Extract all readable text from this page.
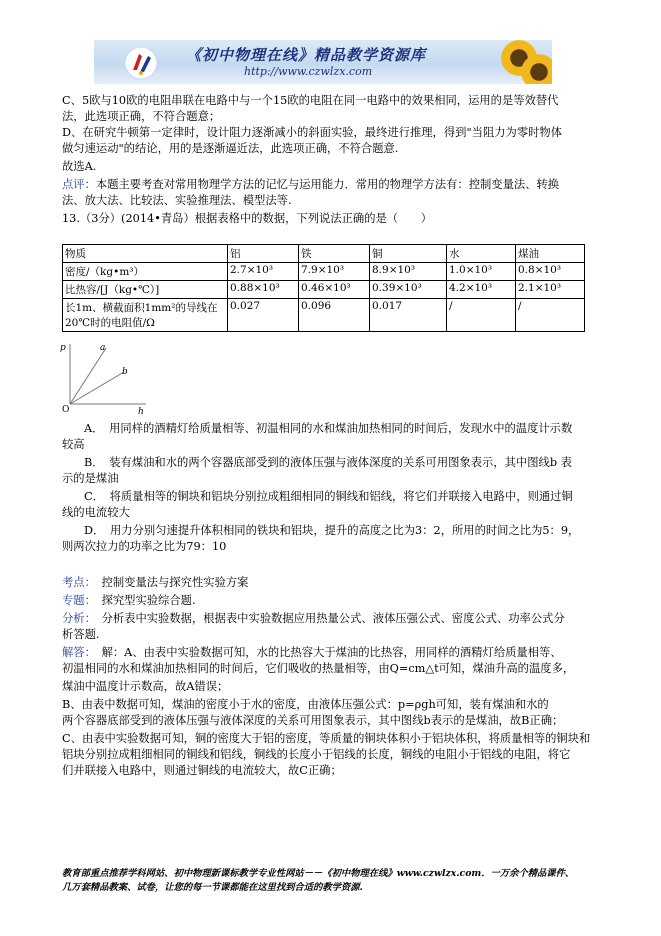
《初中物理在线》精品教学资源库
http://www.czwlzx.com
C、5欧与10欧的电阻串联在电路中与一个15欧的电阻在同一电路中的效果相同，运用的是等效替代
法，此选项正确，不符合题意；
D、在研究牛顿第一定律时，设计阻力逐渐减小的斜面实验，最终进行推理，得到"当阻力为零时物体
做匀速运动"的结论，用的是逐渐逼近法，此选项正确，不符合题意.
故选A.
点评：本题主要考查对常用物理学方法的记忆与运用能力．常用的物理学方法有：控制变量法、转换
法、放大法、比较法、实验推理法、模型法等.
13.（3分）(2014•青岛）根据表格中的数据，下列说法正确的是（　　）
物质	铝	铁	铜	水	煤油
密度/（kg•m³）	2.7×10³	7.9×10³	8.9×10³	1.0×10³	0.8×10³
比热容/[J（kg•℃）]	0.88×10³	0.46×10³	0.39×10³	4.2×10³	2.1×10³

长1m、横截面积1mm²的导线在
20℃时的电阻值/Ω	0.027	0.096	0.017	/	/
p	a
b
O	h
A．　用同样的酒精灯给质量相等、初温相同的水和煤油加热相同的时间后，发现水中的温度计示数
较高
B．　装有煤油和水的两个容器底部受到的液体压强与液体深度的关系可用图象表示，其中图线b 表
示的是煤油
C．　将质量相等的铜块和铝块分别拉成粗细相同的铜线和铝线，将它们并联接入电路中，则通过铜
线的电流较大
D．　用力分别匀速提升体积相同的铁块和铝块，提升的高度之比为3：2，所用的时间之比为5：9，
则两次拉力的功率之比为79：10
考点：　 控制变量法与探究性实验方案
专题：　 探究型实验综合题.
分析：　 分析表中实验数据，根据表中实验数据应用热量公式、液体压强公式、密度公式、功率公式分
析答题.
解答：　 解：A、由表中实验数据可知，水的比热容大于煤油的比热容，用同样的酒精灯给质量相等、
初温相同的水和煤油加热相同的时间后，它们吸收的热量相等，由Q=cm△t可知，煤油升高的温度多，
煤油中温度计示数高，故A错误；
B、由表中数据可知，煤油的密度小于水的密度，由液体压强公式：p=ρgh可知，装有煤油和水的
两个容器底部受到的液体压强与液体深度的关系可用图象表示，其中图线b表示的是煤油，故B正确；
C、由表中实验数据可知，铜的密度大于铝的密度，等质量的铜块体积小于铝块体积，将质量相等的铜块和
铝块分别拉成粗细相同的铜线和铝线，铜线的长度小于铝线的长度，铜线的电阻小于铝线的电阻，将它
们并联接入电路中，则通过铜线的电流较大，故C正确；
教育部重点推荐学科网站、初中物理新课标教学专业性网站－－《初中物理在线》www.czwlzx.com．一万余个精品课件、
几万套精品教案、试卷，让您的每一节课都能在这里找到合适的教学资源.
